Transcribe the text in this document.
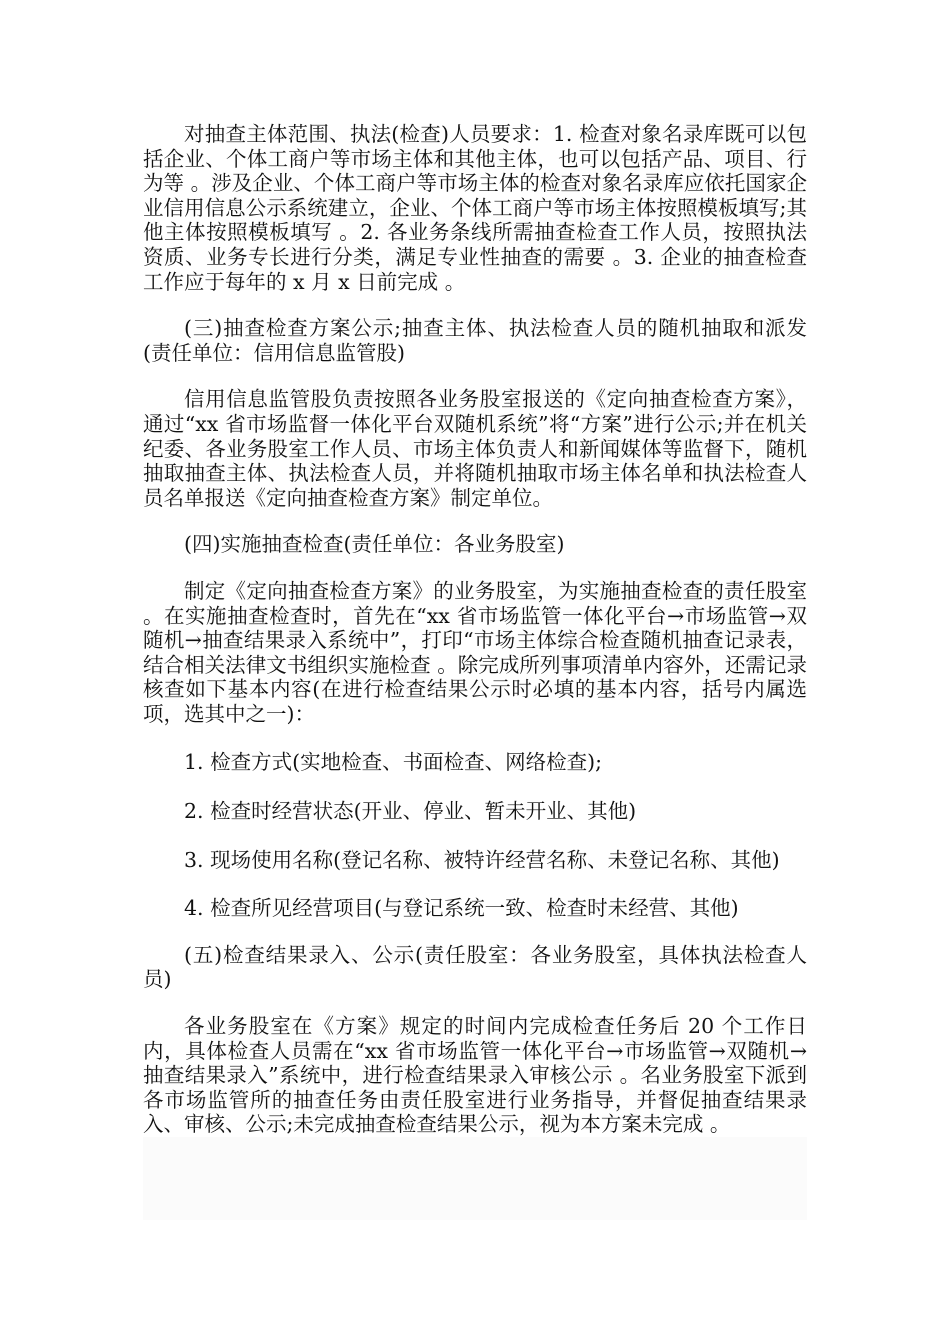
对抽查主体范围、执法(检查)人员要求：1. 检查对象名录库既可以包括企业、个体工商户等市场主体和其他主体，也可以包括产品、项目、行为等 。涉及企业、个体工商户等市场主体的检查对象名录库应依托国家企业信用信息公示系统建立，企业、个体工商户等市场主体按照模板填写;其他主体按照模板填写 。2. 各业务条线所需抽查检查工作人员，按照执法资质、业务专长进行分类，满足专业性抽查的需要 。3. 企业的抽查检查工作应于每年的 x 月 x 日前完成 。

(三)抽查检查方案公示;抽查主体、执法检查人员的随机抽取和派发(责任单位：信用信息监管股)

信用信息监管股负责按照各业务股室报送的《定向抽查检查方案》，通过“xx 省市场监督一体化平台双随机系统”将“方案”进行公示;并在机关纪委、各业务股室工作人员、市场主体负责人和新闻媒体等监督下，随机抽取抽查主体、执法检查人员，并将随机抽取市场主体名单和执法检查人员名单报送《定向抽查检查方案》制定单位。

(四)实施抽查检查(责任单位：各业务股室)

制定《定向抽查检查方案》的业务股室，为实施抽查检查的责任股室 。在实施抽查检查时，首先在“xx 省市场监管一体化平台→市场监管→双随机→抽查结果录入系统中”，打印“市场主体综合检查随机抽查记录表，结合相关法律文书组织实施检查 。除完成所列事项清单内容外，还需记录核查如下基本内容(在进行检查结果公示时必填的基本内容，括号内属选项，选其中之一)：

1. 检查方式(实地检查、书面检查、网络检查);

2. 检查时经营状态(开业、停业、暂未开业、其他)

3. 现场使用名称(登记名称、被特许经营名称、未登记名称、其他)

4. 检查所见经营项目(与登记系统一致、检查时未经营、其他)

(五)检查结果录入、公示(责任股室：各业务股室，具体执法检查人员)

各业务股室在《方案》规定的时间内完成检查任务后 20 个工作日内，具体检查人员需在“xx 省市场监管一体化平台→市场监管→双随机→抽查结果录入”系统中，进行检查结果录入审核公示 。名业务股室下派到各市场监管所的抽查任务由责任股室进行业务指导，并督促抽查结果录入、审核、公示;未完成抽查检查结果公示，视为本方案未完成 。
